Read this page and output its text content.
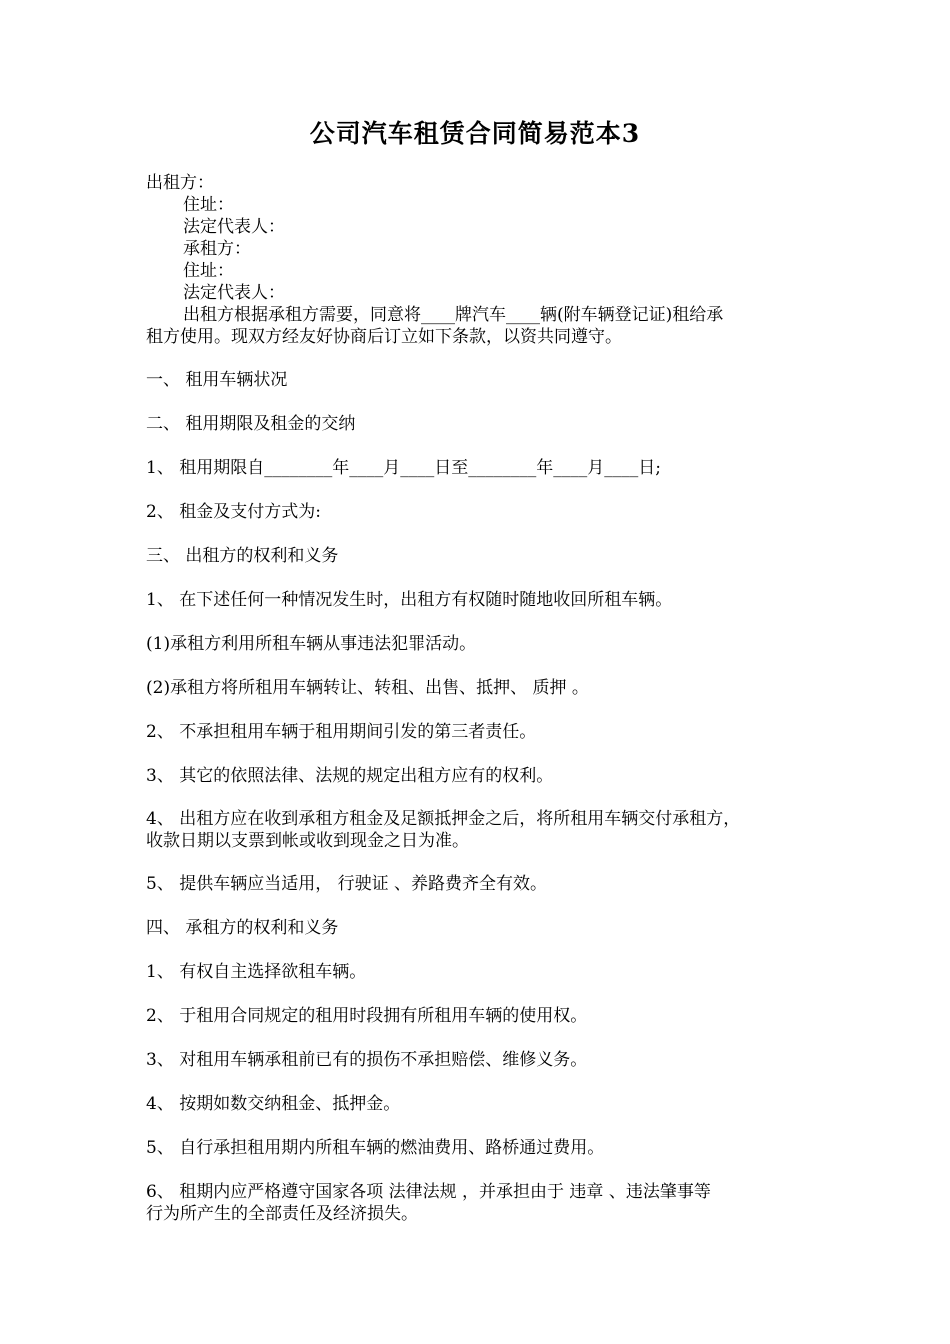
公司汽车租赁合同简易范本3
出租方：
住址：
法定代表人：
承租方：
住址：
法定代表人：
出租方根据承租方需要，同意将____牌汽车____辆(附车辆登记证)租给承
租方使用。现双方经友好协商后订立如下条款，以资共同遵守。
一、 租用车辆状况
二、 租用期限及租金的交纳
1、 租用期限自________年____月____日至________年____月____日;
2、 租金及支付方式为:
三、 出租方的权利和义务
1、 在下述任何一种情况发生时，出租方有权随时随地收回所租车辆。
(1)承租方利用所租车辆从事违法犯罪活动。
(2)承租方将所租用车辆转让、转租、出售、抵押、 质押 。
2、 不承担租用车辆于租用期间引发的第三者责任。
3、 其它的依照法律、法规的规定出租方应有的权利。
4、 出租方应在收到承租方租金及足额抵押金之后，将所租用车辆交付承租方，
收款日期以支票到帐或收到现金之日为准。
5、 提供车辆应当适用， 行驶证 、养路费齐全有效。
四、 承租方的权利和义务
1、 有权自主选择欲租车辆。
2、 于租用合同规定的租用时段拥有所租用车辆的使用权。
3、 对租用车辆承租前已有的损伤不承担赔偿、维修义务。
4、 按期如数交纳租金、抵押金。
5、 自行承担租用期内所租车辆的燃油费用、路桥通过费用。
6、 租期内应严格遵守国家各项 法律法规 ，并承担由于 违章 、违法肇事等
行为所产生的全部责任及经济损失。
